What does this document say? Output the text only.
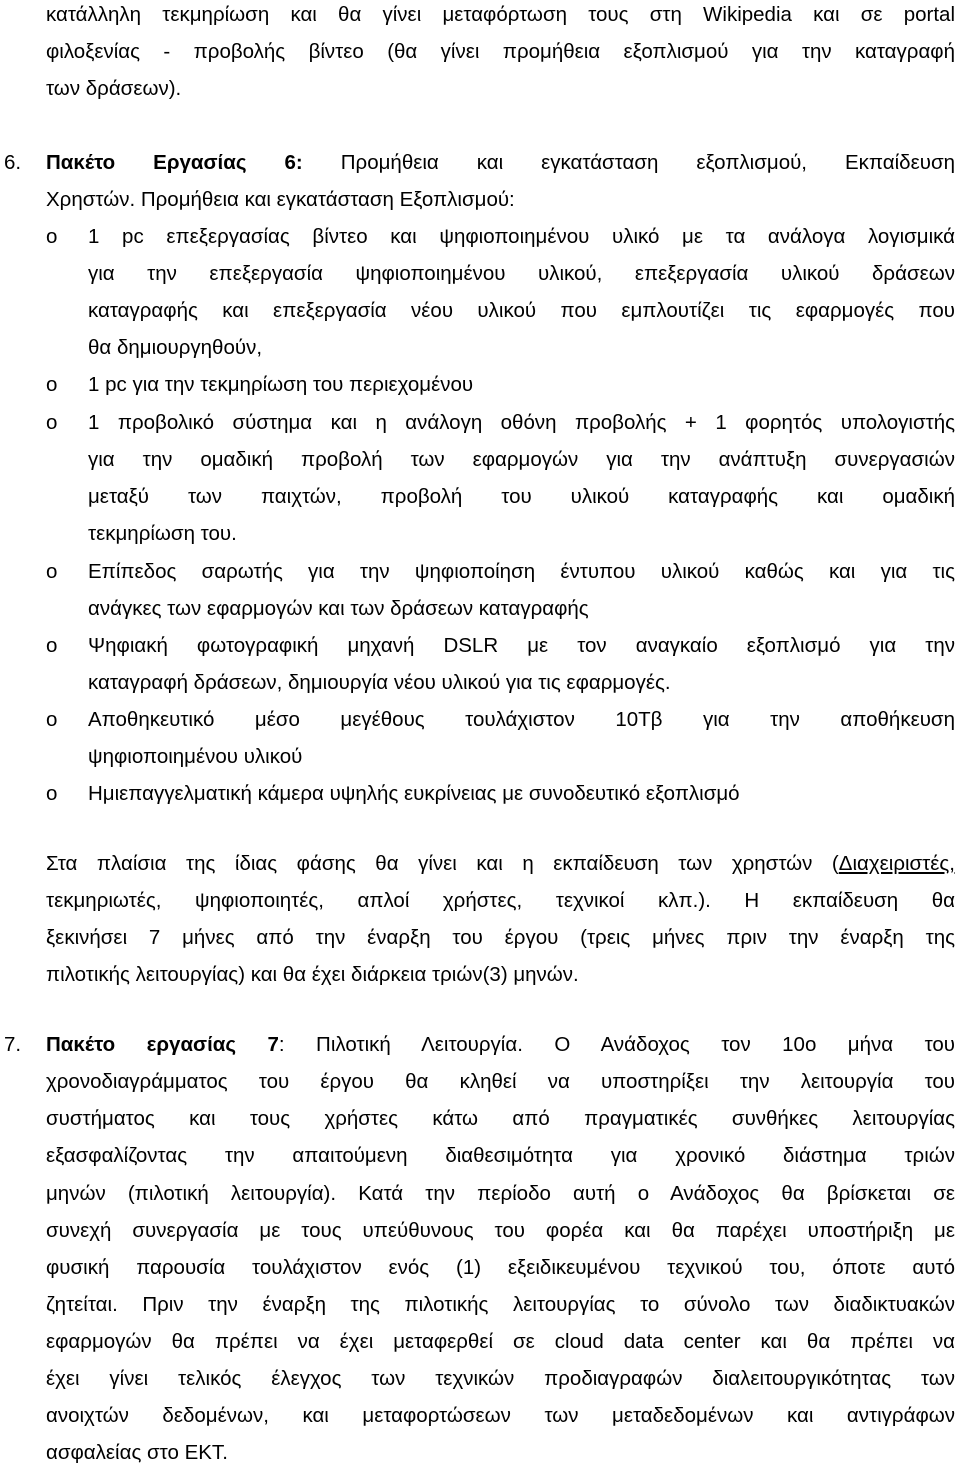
κατάλληλη τεκμηρίωση και θα γίνει μεταφόρτωση τους στη Wikipedia και σε portal
φιλοξενίας - προβολής βίντεο (θα γίνει προμήθεια εξοπλισμού για την καταγραφή
των δράσεων).
6. Πακέτο Εργασίας 6: Προμήθεια και εγκατάσταση εξοπλισμού, Εκπαίδευση
Χρηστών. Προμήθεια και εγκατάσταση Εξοπλισμού:
o 1 pc επεξεργασίας βίντεο και ψηφιοποιημένου υλικό με τα ανάλογα λογισμικά
για την επεξεργασία ψηφιοποιημένου υλικού, επεξεργασία υλικού δράσεων
καταγραφής και επεξεργασία νέου υλικού που εμπλουτίζει τις εφαρμογές που
θα δημιουργηθούν,
o 1 pc για την τεκμηρίωση του περιεχομένου
o 1 προβολικό σύστημα και η ανάλογη οθόνη προβολής + 1 φορητός υπολογιστής
για την ομαδική προβολή των εφαρμογών για την ανάπτυξη συνεργασιών
μεταξύ των παιχτών, προβολή του υλικού καταγραφής και ομαδική
τεκμηρίωση του.
o Επίπεδος σαρωτής για την ψηφιοποίηση έντυπου υλικού καθώς και για τις
ανάγκες των εφαρμογών και των δράσεων καταγραφής
o Ψηφιακή φωτογραφική μηχανή DSLR με τον αναγκαίο εξοπλισμό για την
καταγραφή δράσεων, δημιουργία νέου υλικού για τις εφαρμογές.
o Αποθηκευτικό μέσο μεγέθους τουλάχιστον 10Τβ για την αποθήκευση
ψηφιοποιημένου υλικού
o Ημιεπαγγελματική κάμερα υψηλής ευκρίνειας με συνοδευτικό εξοπλισμό
Στα πλαίσια της ίδιας φάσης θα γίνει και η εκπαίδευση των χρηστών (Διαχειριστές,
τεκμηριωτές, ψηφιοποιητές, απλοί χρήστες, τεχνικοί κλπ.). Η εκπαίδευση θα
ξεκινήσει 7 μήνες από την έναρξη του έργου (τρεις μήνες πριν την έναρξη της
πιλοτικής λειτουργίας) και θα έχει διάρκεια τριών(3) μηνών.
7. Πακέτο εργασίας 7: Πιλοτική Λειτουργία. Ο Ανάδοχος τον 10ο μήνα του
χρονοδιαγράμματος του έργου θα κληθεί να υποστηρίξει την λειτουργία του
συστήματος και τους χρήστες κάτω από πραγματικές συνθήκες λειτουργίας
εξασφαλίζοντας την απαιτούμενη διαθεσιμότητα για χρονικό διάστημα τριών
μηνών (πιλοτική λειτουργία). Κατά την περίοδο αυτή ο Ανάδοχος θα βρίσκεται σε
συνεχή συνεργασία με τους υπεύθυνους του φορέα και θα παρέχει υποστήριξη με
φυσική παρουσία τουλάχιστον ενός (1) εξειδικευμένου τεχνικού του, όποτε αυτό
ζητείται. Πριν την έναρξη της πιλοτικής λειτουργίας το σύνολο των διαδικτυακών
εφαρμογών θα πρέπει να έχει μεταφερθεί σε cloud data center και θα πρέπει να
έχει γίνει τελικός έλεγχος των τεχνικών προδιαγραφών διαλειτουργικότητας των
ανοιχτών δεδομένων, και μεταφορτώσεων των μεταδεδομένων και αντιγράφων
ασφαλείας στο ΕΚΤ.
